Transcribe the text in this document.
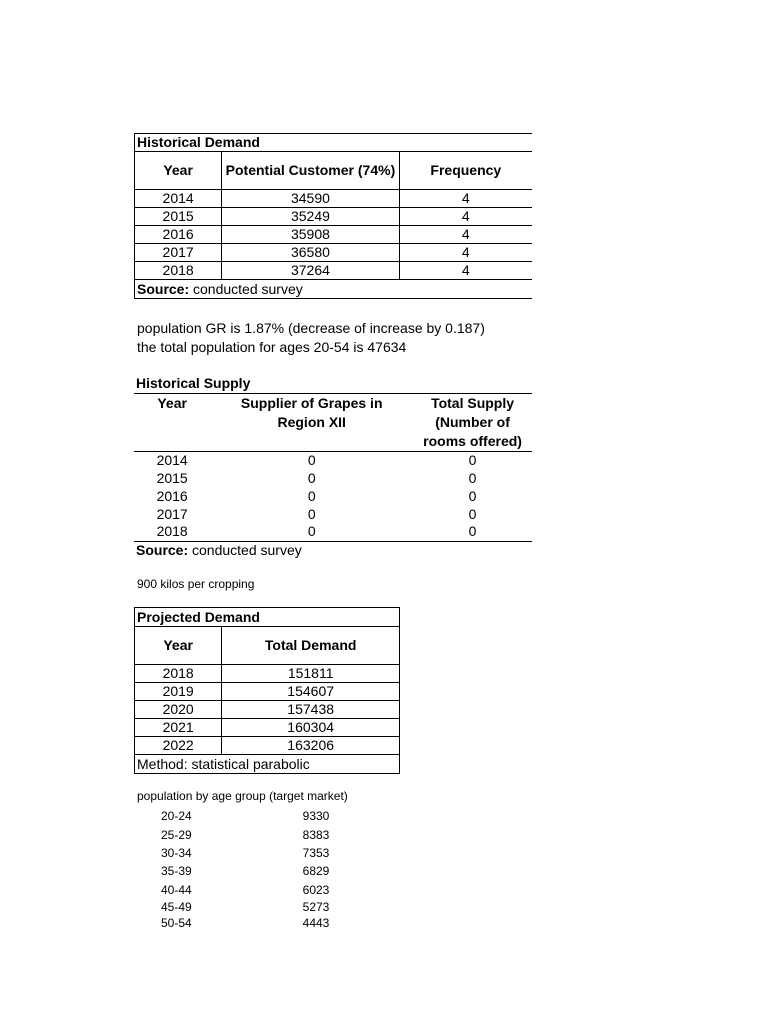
Historical Demand		
Year	Potential Customer (74%)	Frequency
2014	34590	4
2015	35249	4
2016	35908	4
2017	36580	4
2018	37264	4
Source: conducted survey		
population GR is 1.87% (decrease of increase by 0.187)
the total population for ages 20-54 is 47634
Historical Supply		
Year	Supplier of Grapes in Region XII	Total Supply (Number of rooms offered)
2014	0	0
2015	0	0
2016	0	0
2017	0	0
2018	0	0
Source: conducted survey		
900 kilos per cropping
Projected Demand	
Year	Total Demand
2018	151811
2019	154607
2020	157438
2021	160304
2022	163206
Method: statistical parabolic	
population by age group (target market)
20-24	9330
25-29	8383
30-34	7353
35-39	6829
40-44	6023
45-49	5273
50-54	4443
